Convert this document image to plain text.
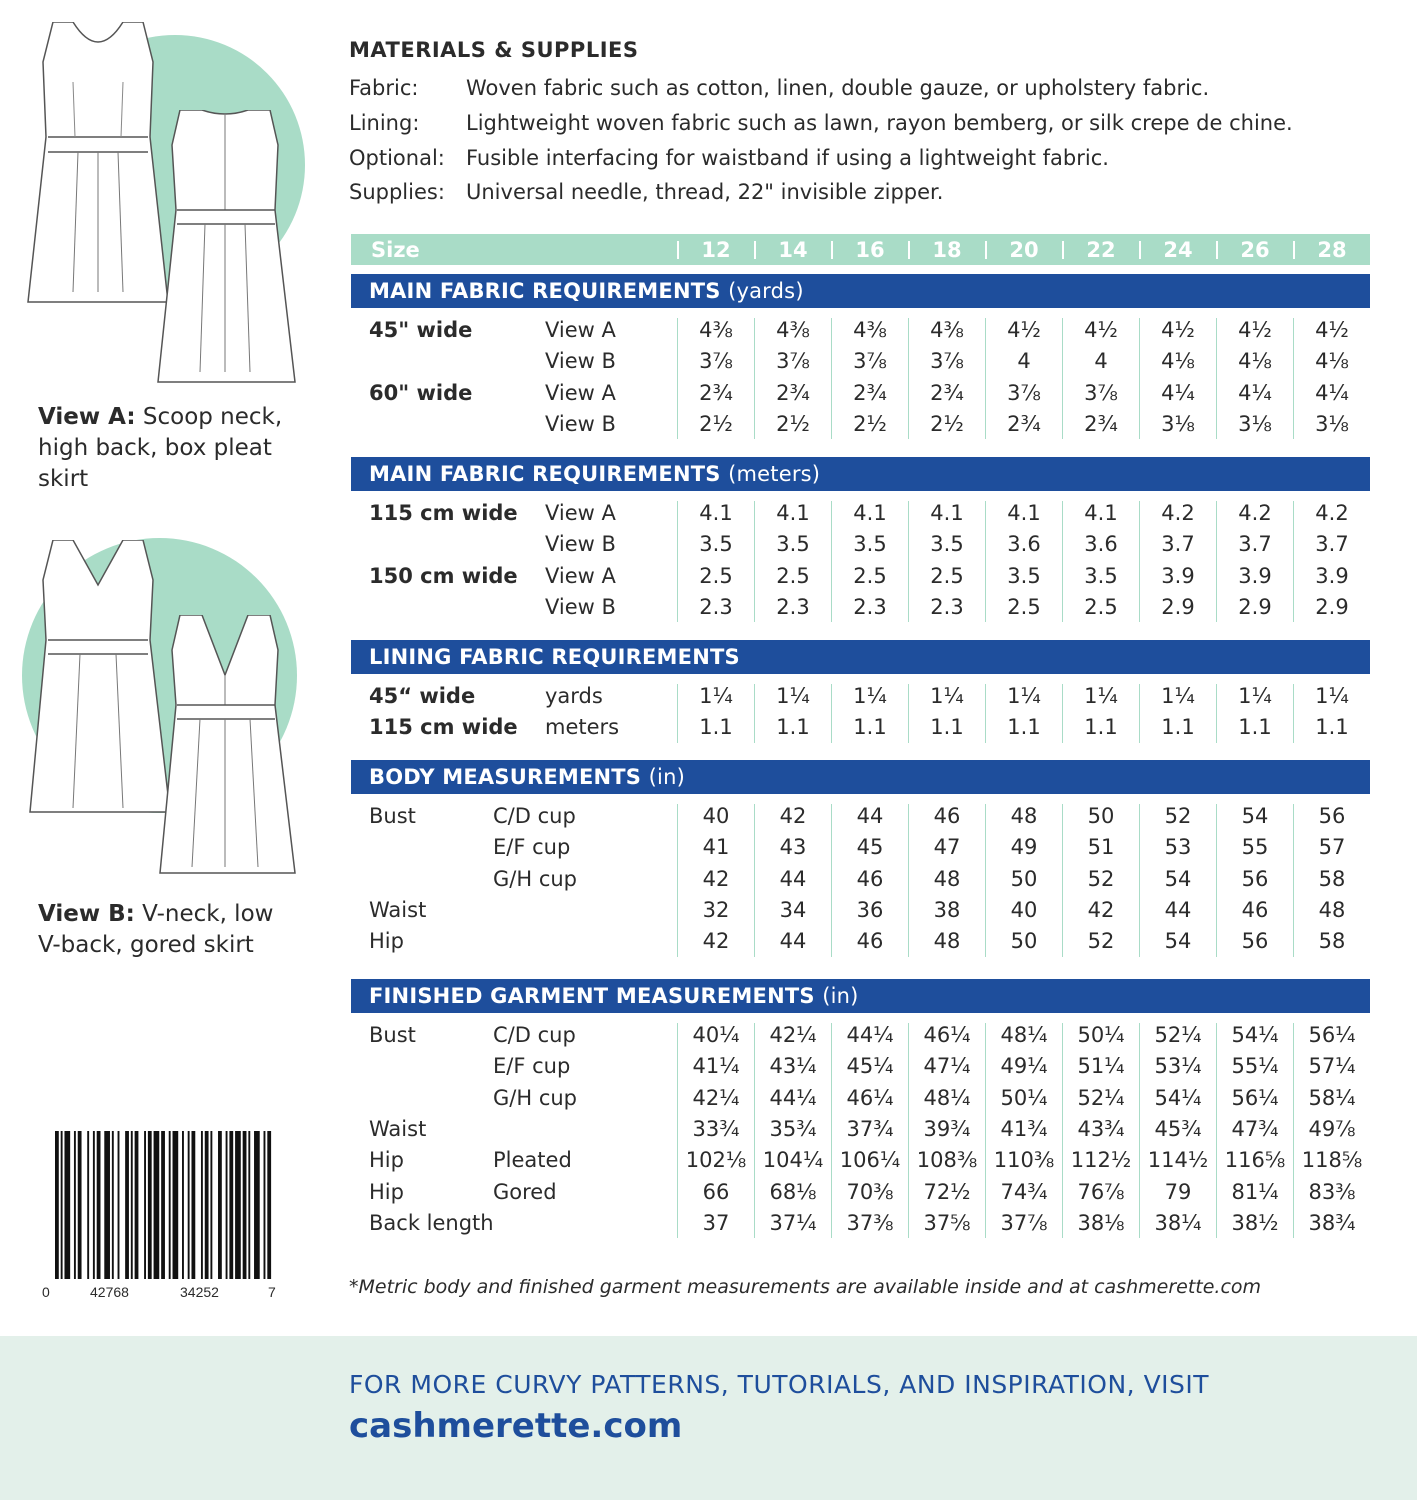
View A: Scoop neck,
high back, box pleat
skirt
View B: V-neck, low
V-back, gored skirt
0	42768	34252	7
MATERIALS & SUPPLIES
Fabric: Woven fabric such as cotton, linen, double gauze, or upholstery fabric.
Lining: Lightweight woven fabric such as lawn, rayon bemberg, or silk crepe de chine.
Optional: Fusible interfacing for waistband if using a lightweight fabric.
Supplies: Universal needle, thread, 22" invisible zipper.
Size	12	14	16	18	20	22	24	26	28
MAIN FABRIC REQUIREMENTS (yards)
45" wide	View A	4⅜	4⅜	4⅜	4⅜	4½	4½	4½	4½	4½
View B	3⅞	3⅞	3⅞	3⅞	4	4	4⅛	4⅛	4⅛
60" wide	View A	2¾	2¾	2¾	2¾	3⅞	3⅞	4¼	4¼	4¼
View B	2½	2½	2½	2½	2¾	2¾	3⅛	3⅛	3⅛
MAIN FABRIC REQUIREMENTS (meters)
115 cm wide View A	4.1	4.1	4.1	4.1	4.1	4.1	4.2	4.2	4.2
View B	3.5	3.5	3.5	3.5	3.6	3.6	3.7	3.7	3.7
150 cm wide View A	2.5	2.5	2.5	2.5	3.5	3.5	3.9	3.9	3.9
View B	2.3	2.3	2.3	2.3	2.5	2.5	2.9	2.9	2.9
LINING FABRIC REQUIREMENTS
45“ wide	yards	1¼	1¼	1¼	1¼	1¼	1¼	1¼	1¼	1¼
115 cm wide meters	1.1	1.1	1.1	1.1	1.1	1.1	1.1	1.1	1.1
BODY MEASUREMENTS (in)
Bust	C/D cup	40	42	44	46	48	50	52	54	56
E/F cup	41	43	45	47	49	51	53	55	57
G/H cup	42	44	46	48	50	52	54	56	58
Waist	32	34	36	38	40	42	44	46	48
Hip	42	44	46	48	50	52	54	56	58
FINISHED GARMENT MEASUREMENTS (in)
Bust	C/D cup	40¼	42¼	44¼	46¼	48¼	50¼	52¼	54¼	56¼
E/F cup	41¼	43¼	45¼	47¼	49¼	51¼	53¼	55¼	57¼
G/H cup	42¼	44¼	46¼	48¼	50¼	52¼	54¼	56¼	58¼
Waist	33¾	35¾	37¾	39¾	41¾	43¾	45¾	47¾	49⅞
Hip	Pleated	102⅛ 104¼ 106¼ 108⅜ 110⅜ 112½ 114½ 116⅝ 118⅝
Hip	Gored	66	68⅛	70⅜	72½	74¾	76⅞	79	81¼	83⅜
Back length	37	37¼	37⅜	37⅝	37⅞	38⅛	38¼	38½	38¾
*Metric body and finished garment measurements are available inside and at cashmerette.com
FOR MORE CURVY PATTERNS, TUTORIALS, AND INSPIRATION, VISIT
cashmerette.com
